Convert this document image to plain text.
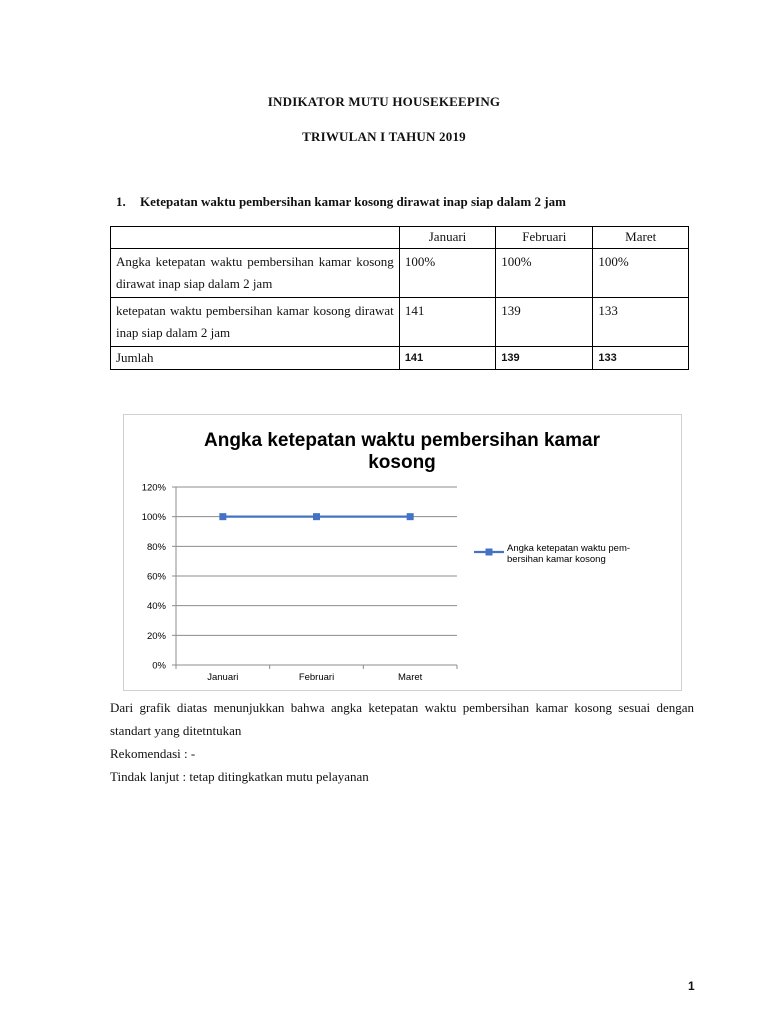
INDIKATOR MUTU HOUSEKEEPING
TRIWULAN I TAHUN 2019
1. Ketepatan waktu pembersihan kamar kosong dirawat inap siap dalam 2 jam
	Januari	Februari	Maret
Angka ketepatan waktu pembersihan kamar kosong dirawat inap siap dalam 2 jam	100%	100%	100%
ketepatan waktu pembersihan kamar kosong dirawat inap siap dalam 2 jam	141	139	133
Jumlah	141	139	133
Angka ketepatan waktu pembersihan kamar
kosong
0%
20%
40%
60%
80%
100%
120%
Januari	Februari	Maret
Angka ketepatan waktu pem-
bersihan kamar kosong
Dari grafik diatas menunjukkan bahwa angka ketepatan waktu pembersihan kamar kosong sesuai dengan standart yang ditetntukan
Rekomendasi : -
Tindak lanjut : tetap ditingkatkan mutu pelayanan
1
